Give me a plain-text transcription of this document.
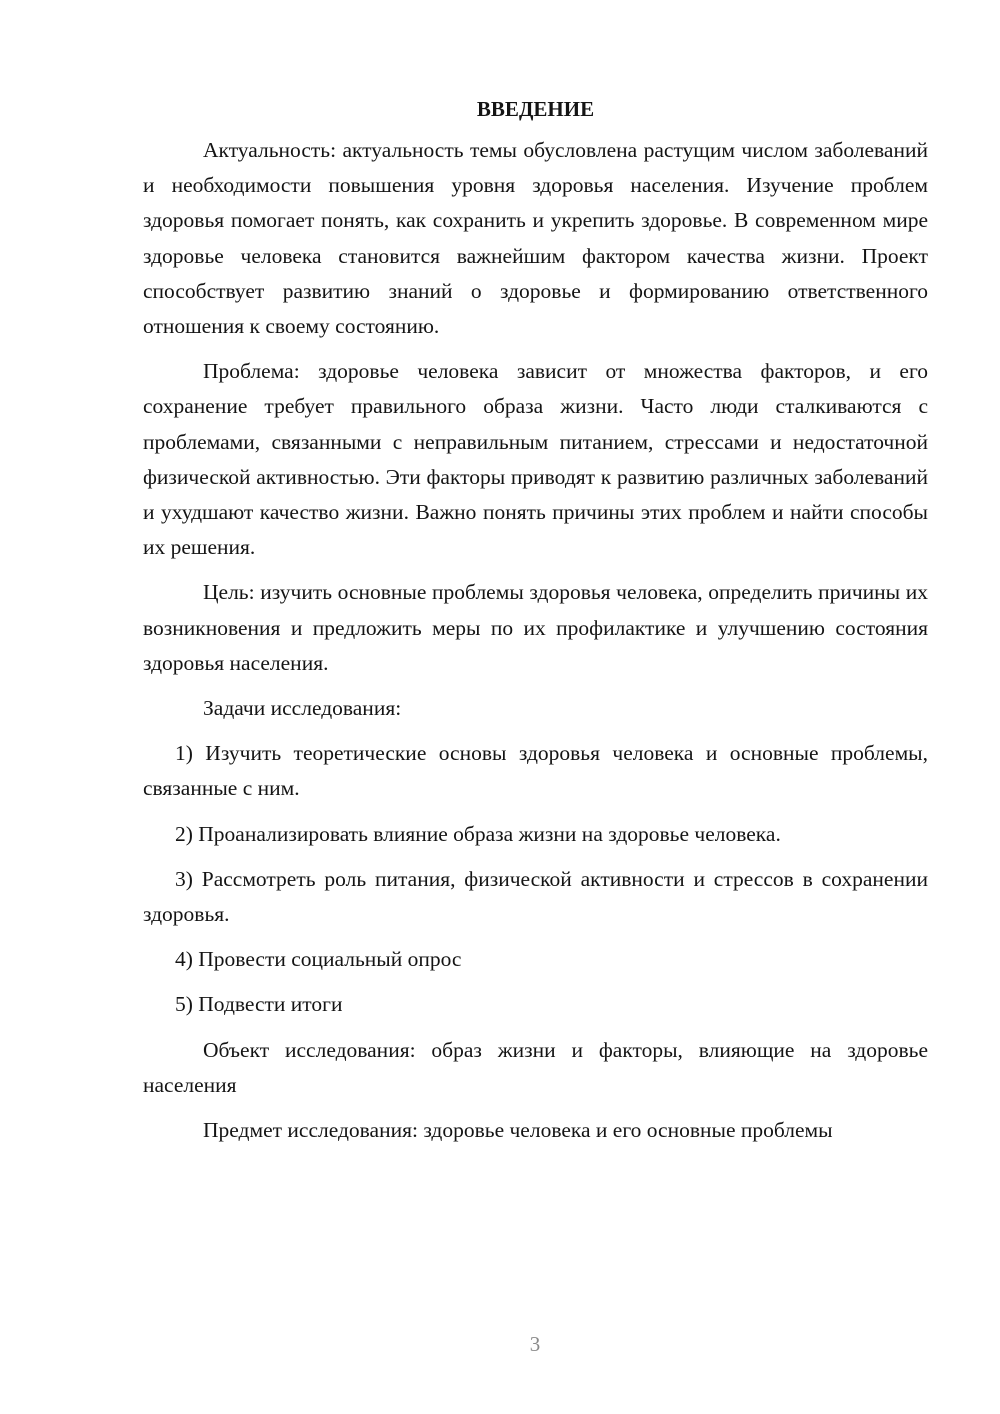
ВВЕДЕНИЕ

Актуальность: актуальность темы обусловлена растущим числом заболеваний и необходимости повышения уровня здоровья населения. Изучение проблем здоровья помогает понять, как сохранить и укрепить здоровье. В современном мире здоровье человека становится важнейшим фактором качества жизни. Проект способствует развитию знаний о здоровье и формированию ответственного отношения к своему состоянию.

Проблема: здоровье человека зависит от множества факторов, и его сохранение требует правильного образа жизни. Часто люди сталкиваются с проблемами, связанными с неправильным питанием, стрессами и недостаточной физической активностью. Эти факторы приводят к развитию различных заболеваний и ухудшают качество жизни. Важно понять причины этих проблем и найти способы их решения.

Цель: изучить основные проблемы здоровья человека, определить причины их возникновения и предложить меры по их профилактике и улучшению состояния здоровья населения.

Задачи исследования:

1) Изучить теоретические основы здоровья человека и основные проблемы, связанные с ним.

2) Проанализировать влияние образа жизни на здоровье человека.

3) Рассмотреть роль питания, физической активности и стрессов в сохранении здоровья.

4) Провести социальный опрос

5) Подвести итоги

Объект исследования: образ жизни и факторы, влияющие на здоровье населения

Предмет исследования: здоровье человека и его основные проблемы

3
